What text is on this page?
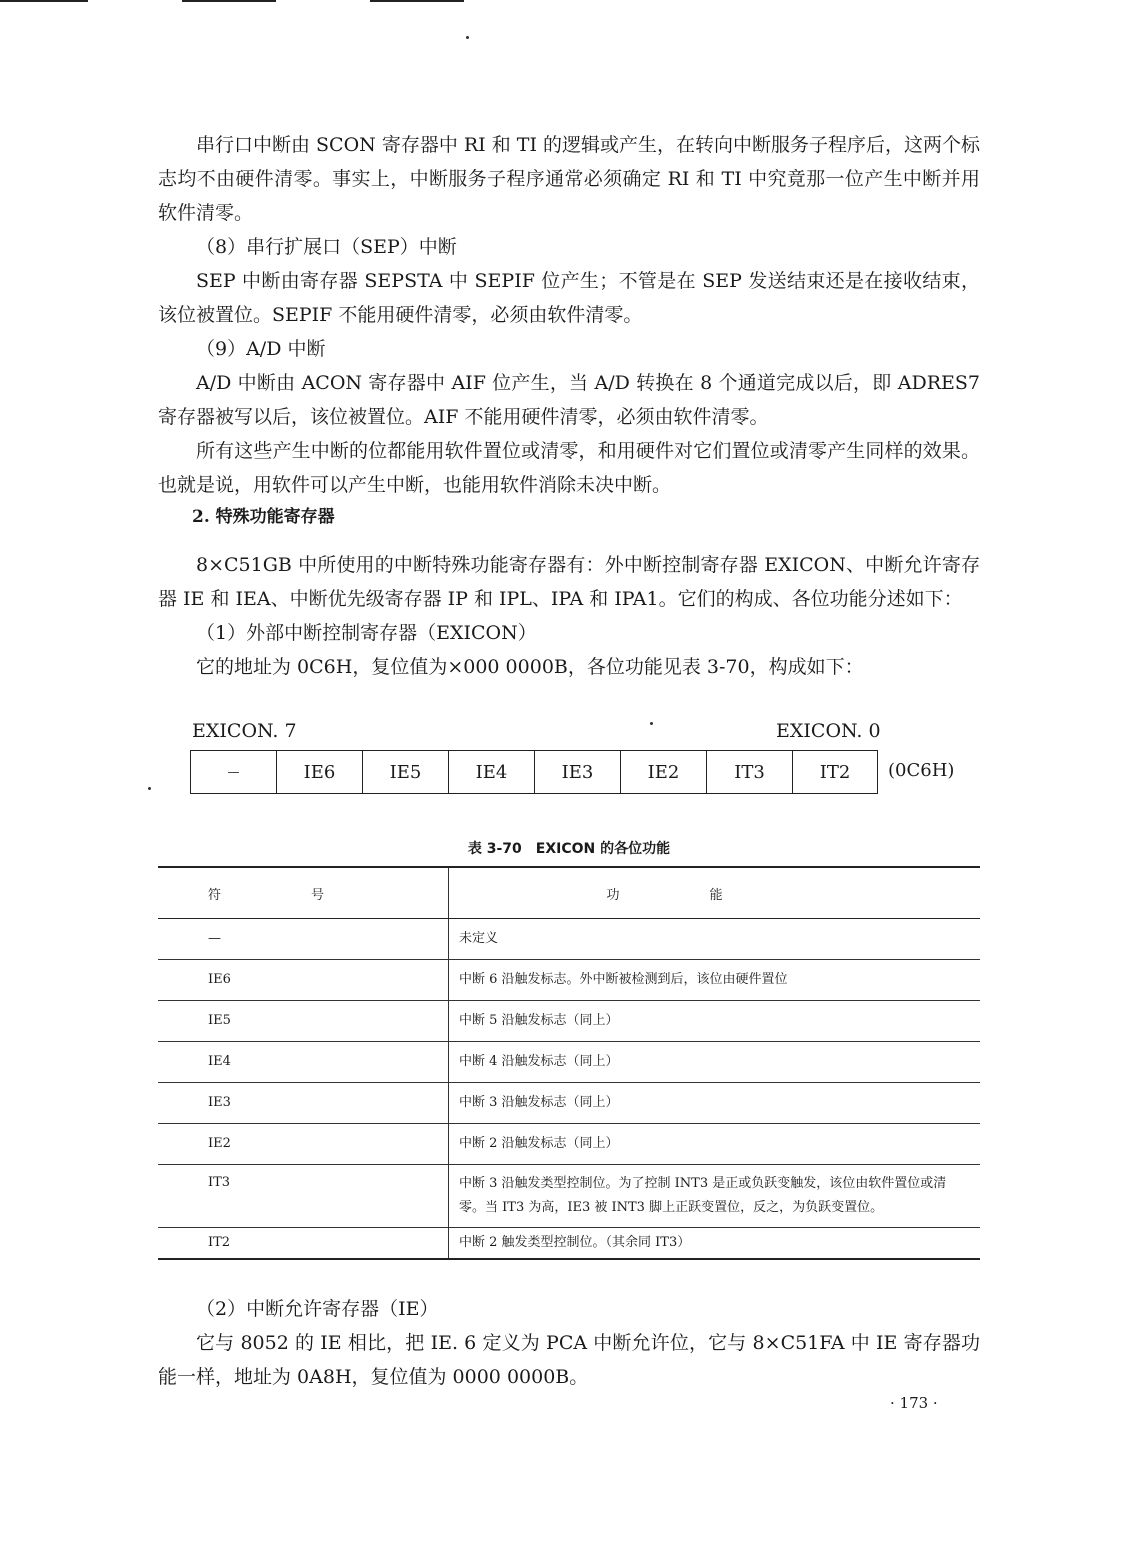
串行口中断由 SCON 寄存器中 RI 和 TI 的逻辑或产生，在转向中断服务子程序后，这两个标志均不由硬件清零。事实上，中断服务子程序通常必须确定 RI 和 TI 中究竟那一位产生中断并用软件清零。

（8）串行扩展口（SEP）中断

SEP 中断由寄存器 SEPSTA 中 SEPIF 位产生；不管是在 SEP 发送结束还是在接收结束，该位被置位。SEPIF 不能用硬件清零，必须由软件清零。

（9）A/D 中断

A/D 中断由 ACON 寄存器中 AIF 位产生，当 A/D 转换在 8 个通道完成以后，即 ADRES7 寄存器被写以后，该位被置位。AIF 不能用硬件清零，必须由软件清零。

所有这些产生中断的位都能用软件置位或清零，和用硬件对它们置位或清零产生同样的效果。也就是说，用软件可以产生中断，也能用软件消除未决中断。

2. 特殊功能寄存器

8×C51GB 中所使用的中断特殊功能寄存器有：外中断控制寄存器 EXICON、中断允许寄存器 IE 和 IEA、中断优先级寄存器 IP 和 IPL、IPA 和 IPA1。它们的构成、各位功能分述如下：

（1）外部中断控制寄存器（EXICON）

它的地址为 0C6H，复位值为×000 0000B，各位功能见表 3-70，构成如下：

EXICON. 7	EXICON. 0
—	IE6	IE5	IE4	IE3	IE2	IT3	IT2	(0C6H)
表 3-70　EXICON 的各位功能
符号	功能
—	未定义
IE6	中断 6 沿触发标志。外中断被检测到后，该位由硬件置位
IE5	中断 5 沿触发标志（同上）
IE4	中断 4 沿触发标志（同上）
IE3	中断 3 沿触发标志（同上）
IE2	中断 2 沿触发标志（同上）
IT3	中断 3 沿触发类型控制位。为了控制 INT3 是正或负跃变触发，该位由软件置位或清零。当 IT3 为高，IE3 被 INT3 脚上正跃变置位，反之，为负跃变置位。
IT2	中断 2 触发类型控制位。（其余同 IT3）

（2）中断允许寄存器（IE）

它与 8052 的 IE 相比，把 IE. 6 定义为 PCA 中断允许位，它与 8×C51FA 中 IE 寄存器功能一样，地址为 0A8H，复位值为 0000 0000B。

· 173 ·
